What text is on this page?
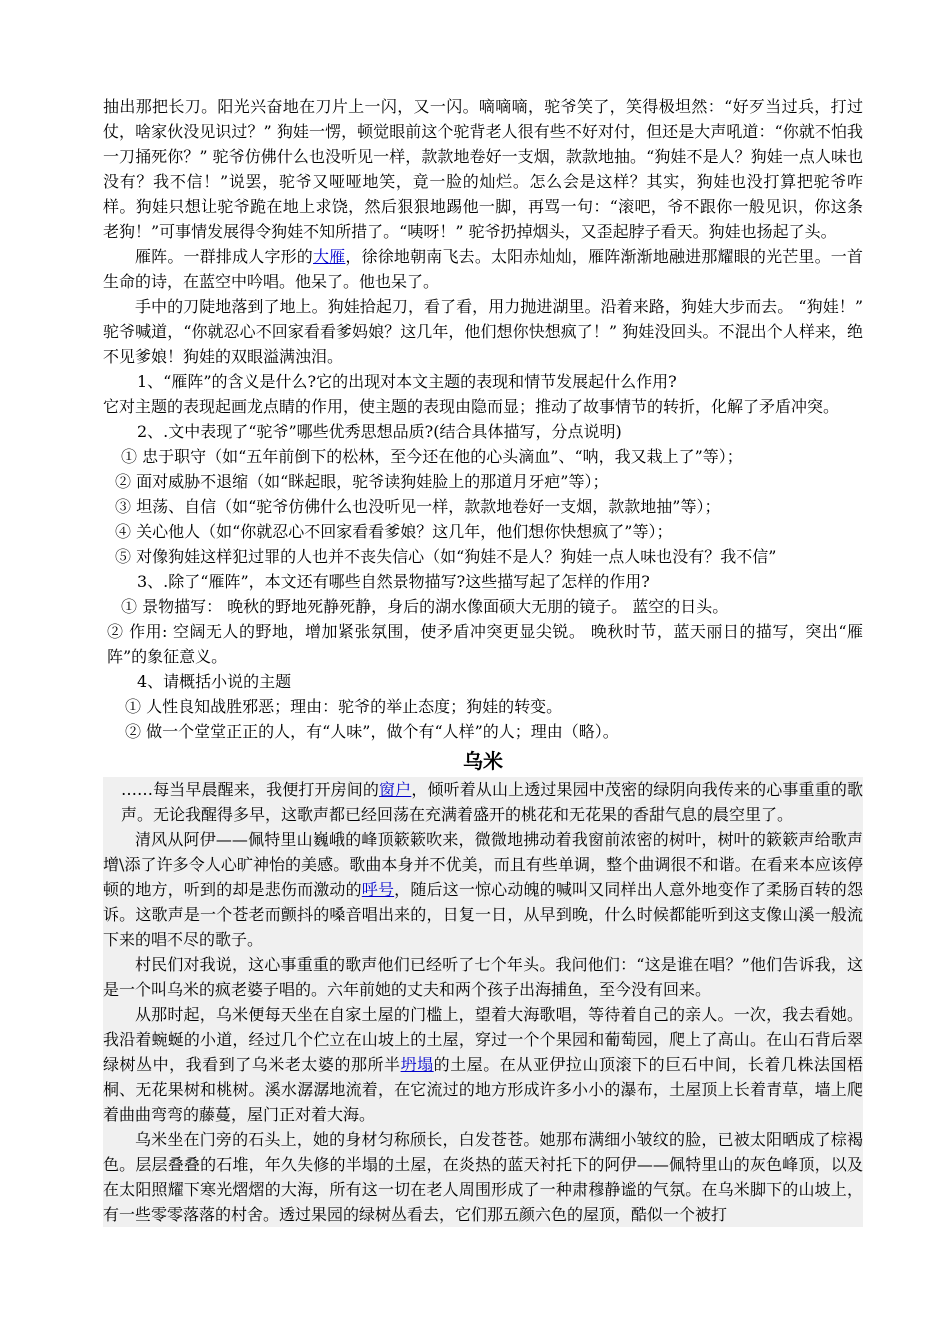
抽出那把长刀。阳光兴奋地在刀片上一闪，又一闪。嘀嘀嘀，驼爷笑了，笑得极坦然：“好歹当过兵，打过仗，啥家伙没见识过？” 狗娃一愣，顿觉眼前这个驼背老人很有些不好对付，但还是大声吼道：“你就不怕我一刀捅死你？” 驼爷仿佛什么也没听见一样，款款地卷好一支烟，款款地抽。“狗娃不是人？狗娃一点人味也没有？我不信！”说罢，驼爷又哑哑地笑，竟一脸的灿烂。怎么会是这样？其实，狗娃也没打算把驼爷咋样。狗娃只想让驼爷跪在地上求饶，然后狠狠地踢他一脚，再骂一句：“滚吧，爷不跟你一般见识，你这条老狗！”可事情发展得令狗娃不知所措了。“咦呀！” 驼爷扔掉烟头，又歪起脖子看天。狗娃也扬起了头。

雁阵。一群排成人字形的大雁，徐徐地朝南飞去。太阳赤灿灿，雁阵渐渐地融进那耀眼的光芒里。一首生命的诗，在蓝空中吟唱。他呆了。他也呆了。

手中的刀陡地落到了地上。狗娃拾起刀，看了看，用力抛进湖里。沿着来路，狗娃大步而去。 “狗娃！” 驼爷喊道，“你就忍心不回家看看爹妈娘？这几年，他们想你快想疯了！” 狗娃没回头。不混出个人样来，绝不见爹娘！狗娃的双眼溢满浊泪。

1、“雁阵”的含义是什么?它的出现对本文主题的表现和情节发展起什么作用?

它对主题的表现起画龙点睛的作用，使主题的表现由隐而显；推动了故事情节的转折，化解了矛盾冲突。

2、.文中表现了“驼爷”哪些优秀思想品质?(结合具体描写，分点说明)

① 忠于职守（如“五年前倒下的松林，至今还在他的心头滴血”、“呐，我又栽上了”等）；

② 面对威胁不退缩（如“眯起眼，驼爷读狗娃脸上的那道月牙疤”等）；

③ 坦荡、自信（如“驼爷仿佛什么也没听见一样，款款地卷好一支烟，款款地抽”等）；

④ 关心他人（如“你就忍心不回家看看爹娘？这几年，他们想你快想疯了”等）；

⑤ 对像狗娃这样犯过罪的人也并不丧失信心（如“狗娃不是人？狗娃一点人味也没有？我不信”

3、.除了“雁阵”，本文还有哪些自然景物描写?这些描写起了怎样的作用?

① 景物描写： 晚秋的野地死静死静，身后的湖水像面硕大无朋的镜子。 蓝空的日头。

② 作用: 空阔无人的野地，增加紧张氛围，使矛盾冲突更显尖锐。 晚秋时节，蓝天丽日的描写，突出“雁阵”的象征意义。

4、请概括小说的主题

① 人性良知战胜邪恶；理由：驼爷的举止态度；狗娃的转变。

② 做一个堂堂正正的人，有“人味”，做个有“人样”的人；理由（略）。

乌米

……每当早晨醒来，我便打开房间的窗户，倾听着从山上透过果园中茂密的绿阴向我传来的心事重重的歌声。无论我醒得多早，这歌声都已经回荡在充满着盛开的桃花和无花果的香甜气息的晨空里了。

清风从阿伊——佩特里山巍峨的峰顶簌簌吹来，微微地拂动着我窗前浓密的树叶，树叶的簌簌声给歌声增\添了许多令人心旷神怡的美感。歌曲本身并不优美，而且有些单调，整个曲调很不和谐。在看来本应该停顿的地方，听到的却是悲伤而激动的呼号，随后这一惊心动魄的喊叫又同样出人意外地变作了柔肠百转的怨诉。这歌声是一个苍老而颤抖的嗓音唱出来的，日复一日，从早到晚，什么时候都能听到这支像山溪一般流下来的唱不尽的歌子。

村民们对我说，这心事重重的歌声他们已经听了七个年头。我问他们：“这是谁在唱？”他们告诉我，这是一个叫乌米的疯老婆子唱的。六年前她的丈夫和两个孩子出海捕鱼，至今没有回来。

从那时起，乌米便每天坐在自家土屋的门槛上，望着大海歌唱，等待着自己的亲人。一次，我去看她。我沿着蜿蜒的小道，经过几个伫立在山坡上的土屋，穿过一个个果园和葡萄园，爬上了高山。在山石背后翠绿树丛中，我看到了乌米老太婆的那所半坍塌的土屋。在从亚伊拉山顶滚下的巨石中间，长着几株法国梧桐、无花果树和桃树。溪水潺潺地流着，在它流过的地方形成许多小小的瀑布，土屋顶上长着青草，墙上爬着曲曲弯弯的藤蔓，屋门正对着大海。

乌米坐在门旁的石头上，她的身材匀称颀长，白发苍苍。她那布满细小皱纹的脸，已被太阳晒成了棕褐色。层层叠叠的石堆，年久失修的半塌的土屋，在炎热的蓝天衬托下的阿伊——佩特里山的灰色峰顶，以及在太阳照耀下寒光熠熠的大海，所有这一切在老人周围形成了一种肃穆静谧的气氛。在乌米脚下的山坡上，有一些零零落落的村舍。透过果园的绿树丛看去，它们那五颜六色的屋顶，酷似一个被打
